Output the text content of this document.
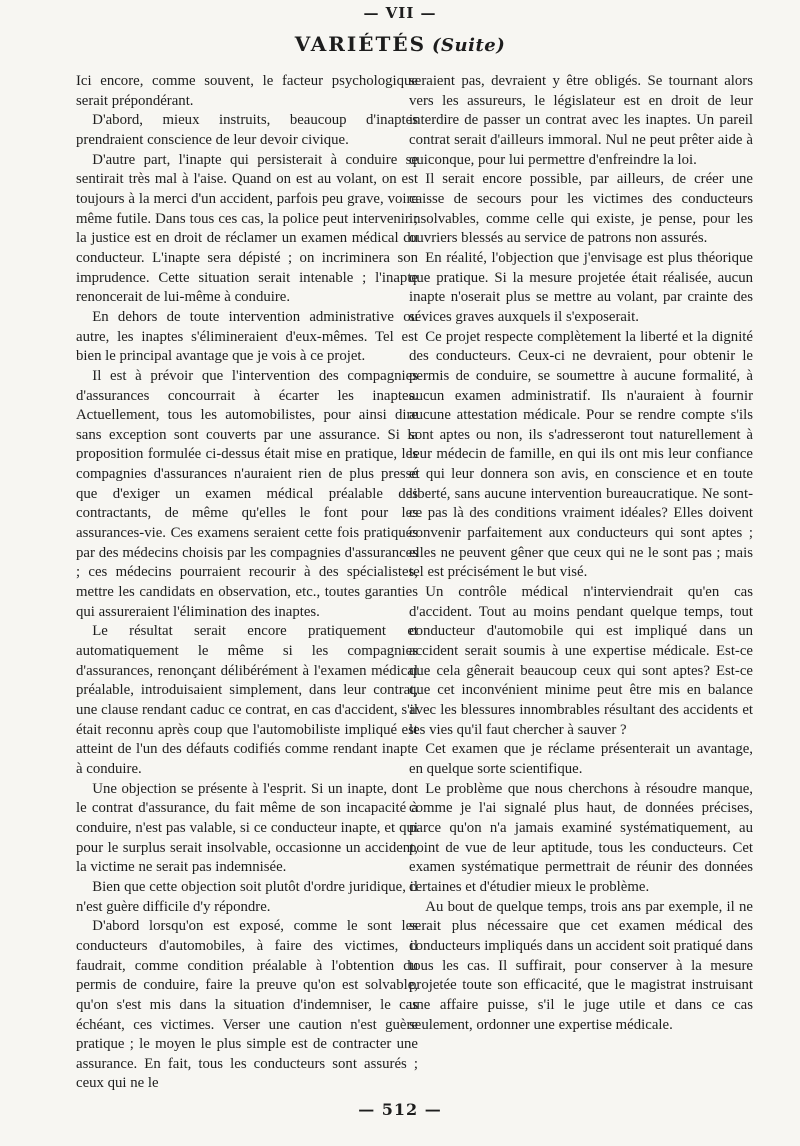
— VII —
VARIÉTÉS (Suite)

Ici encore, comme souvent, le facteur psychologique serait prépondérant.

D'abord, mieux instruits, beaucoup d'inaptes prendraient conscience de leur devoir civique.

D'autre part, l'inapte qui persisterait à conduire se sentirait très mal à l'aise. Quand on est au volant, on est toujours à la merci d'un accident, parfois peu grave, voire même futile. Dans tous ces cas, la police peut intervenir ; la justice est en droit de réclamer un examen médical du conducteur. L'inapte sera dépisté ; on incriminera son imprudence. Cette situation serait intenable ; l'inapte renoncerait de lui-même à conduire.

En dehors de toute intervention administrative ou autre, les inaptes s'élimineraient d'eux-mêmes. Tel est bien le principal avantage que je vois à ce projet.

Il est à prévoir que l'intervention des compagnies d'assurances concourrait à écarter les inaptes. Actuellement, tous les automobilistes, pour ainsi dire sans exception sont couverts par une assurance. Si la proposition formulée ci-dessus était mise en pratique, les compagnies d'assurances n'auraient rien de plus pressé que d'exiger un examen médical préalable des contractants, de même qu'elles le font pour les assurances-vie. Ces examens seraient cette fois pratiqués par des médecins choisis par les compagnies d'assurances ; ces médecins pourraient recourir à des spécialistes, mettre les candidats en observation, etc., toutes garanties qui assureraient l'élimination des inaptes.

Le résultat serait encore pratiquement et automatiquement le même si les compagnies d'assurances, renonçant délibérément à l'examen médical préalable, introduisaient simplement, dans leur contrat, une clause rendant caduc ce contrat, en cas d'accident, s'il était reconnu après coup que l'automobiliste impliqué est atteint de l'un des défauts codifiés comme rendant inapte à conduire.

Une objection se présente à l'esprit. Si un inapte, dont le contrat d'assurance, du fait même de son incapacité à conduire, n'est pas valable, si ce conducteur inapte, et qui pour le surplus serait insolvable, occasionne un accident, la victime ne serait pas indemnisée.

Bien que cette objection soit plutôt d'ordre juridique, il n'est guère difficile d'y répondre.

D'abord lorsqu'on est exposé, comme le sont les conducteurs d'automobiles, à faire des victimes, il faudrait, comme condition préalable à l'obtention du permis de conduire, faire la preuve qu'on est solvable, qu'on s'est mis dans la situation d'indemniser, le cas échéant, ces victimes. Verser une caution n'est guère pratique ; le moyen le plus simple est de contracter une assurance. En fait, tous les conducteurs sont assurés ; ceux qui ne le

seraient pas, devraient y être obligés. Se tournant alors vers les assureurs, le législateur est en droit de leur interdire de passer un contrat avec les inaptes. Un pareil contrat serait d'ailleurs immoral. Nul ne peut prêter aide à quiconque, pour lui permettre d'enfreindre la loi.

Il serait encore possible, par ailleurs, de créer une caisse de secours pour les victimes des conducteurs insolvables, comme celle qui existe, je pense, pour les ouvriers blessés au service de patrons non assurés.

En réalité, l'objection que j'envisage est plus théorique que pratique. Si la mesure projetée était réalisée, aucun inapte n'oserait plus se mettre au volant, par crainte des sévices graves auxquels il s'exposerait.

Ce projet respecte complètement la liberté et la dignité des conducteurs. Ceux-ci ne devraient, pour obtenir le permis de conduire, se soumettre à aucune formalité, à aucun examen administratif. Ils n'auraient à fournir aucune attestation médicale. Pour se rendre compte s'ils sont aptes ou non, ils s'adresseront tout naturellement à leur médecin de famille, en qui ils ont mis leur confiance et qui leur donnera son avis, en conscience et en toute liberté, sans aucune intervention bureaucratique. Ne sont-ce pas là des conditions vraiment idéales? Elles doivent convenir parfaitement aux conducteurs qui sont aptes ; elles ne peuvent gêner que ceux qui ne le sont pas ; mais tel est précisément le but visé.

Un contrôle médical n'interviendrait qu'en cas d'accident. Tout au moins pendant quelque temps, tout conducteur d'automobile qui est impliqué dans un accident serait soumis à une expertise médicale. Est-ce que cela gênerait beaucoup ceux qui sont aptes? Est-ce que cet inconvénient minime peut être mis en balance avec les blessures innombrables résultant des accidents et les vies qu'il faut chercher à sauver ?

Cet examen que je réclame présenterait un avantage, en quelque sorte scientifique.

Le problème que nous cherchons à résoudre manque, comme je l'ai signalé plus haut, de données précises, parce qu'on n'a jamais examiné systématiquement, au point de vue de leur aptitude, tous les conducteurs. Cet examen systématique permettrait de réunir des données certaines et d'étudier mieux le problème.

Au bout de quelque temps, trois ans par exemple, il ne serait plus nécessaire que cet examen médical des conducteurs impliqués dans un accident soit pratiqué dans tous les cas. Il suffirait, pour conserver à la mesure projetée toute son efficacité, que le magistrat instruisant une affaire puisse, s'il le juge utile et dans ce cas seulement, ordonner une expertise médicale.

— 512 —
